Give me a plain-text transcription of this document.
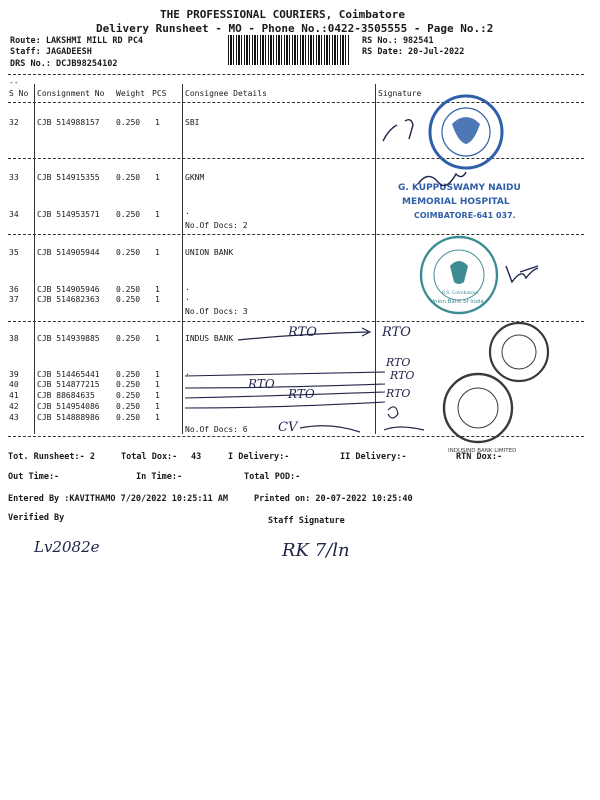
THE PROFESSIONAL COURIERS, Coimbatore
Delivery Runsheet - MO - Phone No.:0422-3505555 - Page No.:2
Route: LAKSHMI MILL RD PC4
Staff: JAGADEESH
DRS No.: DCJB98254102
RS No.: 982541
RS Date: 20-Jul-2022
--
S No Consignment No Weight PCS Consignee Details	Signature
32 CJB 514988157 0.250 1	SBI
33 CJB 514915355 0.250 1	GKNM
34 CJB 514953571 0.250 1	.
No.Of Docs: 2
35 CJB 514905944 0.250 1	UNION BANK
36 CJB 514905946 0.250 1	.
37 CJB 514682363 0.250 1	.
No.Of Docs: 3
38 CJB 514939885 0.250 1	INDUS BANK
39 CJB 514465441 0.250 1	.
40 CJB 514877215 0.250 1
41 CJB 88684635	0.250 1
42 CJB 514954086 0.250 1
43 CJB 514888986 0.250 1
No.Of Docs: 6
Tot. Runsheet:- 2	Total Dox:- 43	I Delivery:-	II Delivery:-	RTN Dox:-
Out Time:-	In Time:-	Total POD:-
Entered By :KAVITHAMO 7/20/2022 10:25:11 AM	Printed on: 20-07-2022 10:25:40
Verified By	Staff Signature
G. KUPPUSWAMY NAIDU
MEMORIAL HOSPITAL
COIMBATORE-641 037.
Union Bank of India
R.S. Coimbatore
INDUSIND BANK LIMITED
RTO	RTO
RTO
RTO
RTO
RTO	RTO
CV
Lv2082e	RK 7/ln
